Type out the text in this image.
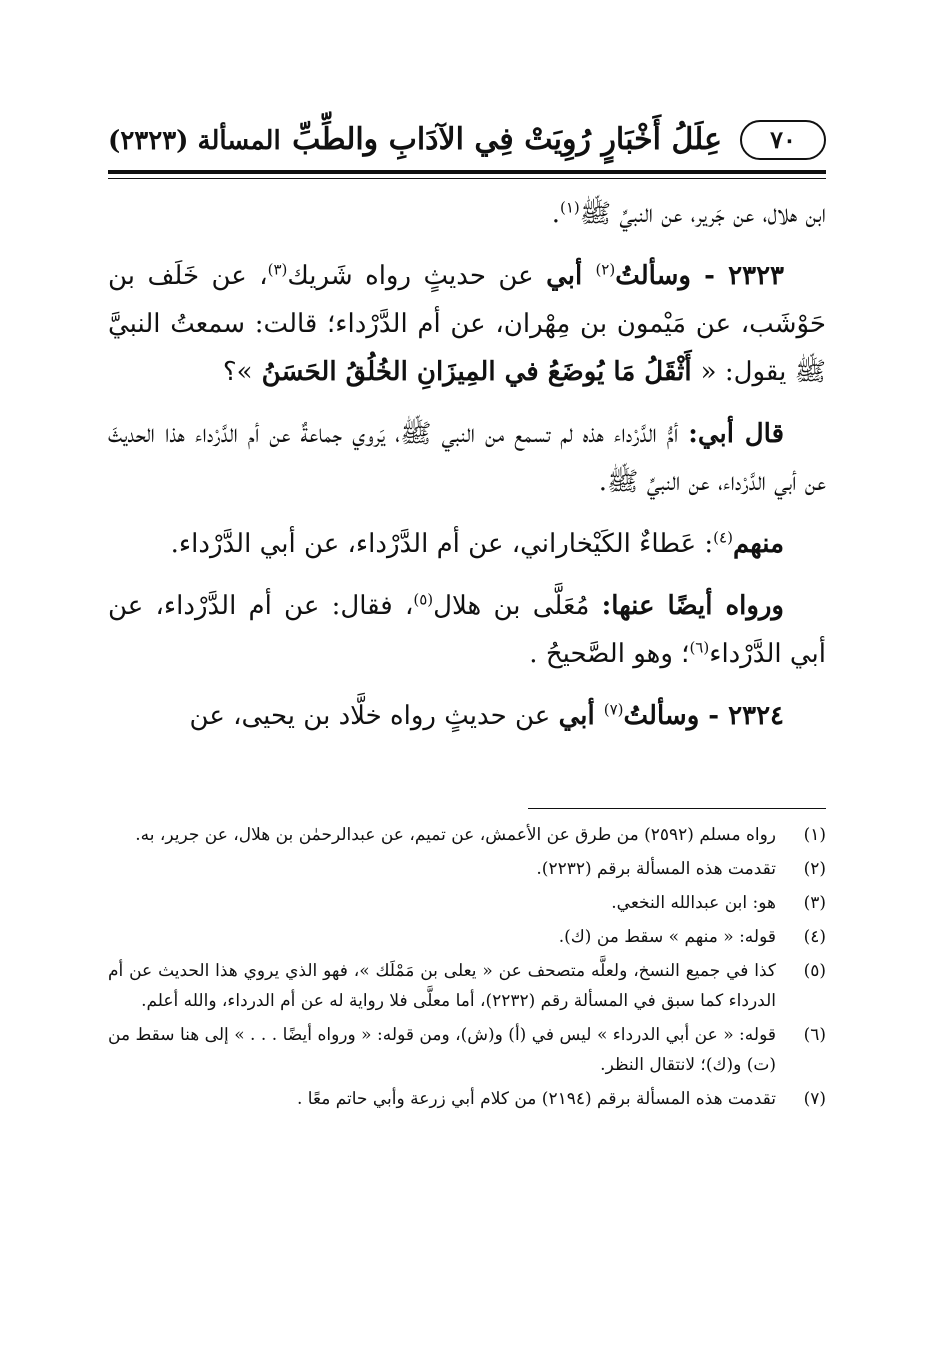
٧٠
عِلَلُ أَخْبَارٍ رُوِيَتْ فِي الآدَابِ والطِّبِّ
المسألة (٢٣٢٣)

ابن هلال، عن جَرير، عن النبيِّ ﷺ$^{(١)}$.

٢٣٢٣ - وسألتُ$^{(٢)}$ أبي عن حديثٍ رواه شَريك$^{(٣)}$، عن خَلَف بن حَوْشَب، عن مَيْمون بن مِهْران، عن أم الدَّرْداء؛ قالت: سمعتُ النبيَّ ﷺ يقول: « أَثْقَلُ مَا يُوضَعُ في المِيزَانِ الخُلُقُ الحَسَنُ »؟

قال أبي: أمُّ الدَّرْداء هذه لم تسمع من النبي ﷺ، يَروي جماعةٌ عن أم الدَّرْداء هذا الحديثَ عن أبي الدَّرْداء، عن النبيِّ ﷺ.

منهم$^{(٤)}$: عَطاءٌ الكَيْخاراني، عن أم الدَّرْداء، عن أبي الدَّرْداء.

ورواه أيضًا عنها: مُعَلَّى بن هلال$^{(٥)}$، فقال: عن أم الدَّرْداء، عن أبي الدَّرْداء$^{(٦)}$؛ وهو الصَّحيحُ .

٢٣٢٤ - وسألتُ$^{(٧)}$ أبي عن حديثٍ رواه خلَّاد بن يحيى، عن

(١)
رواه مسلم (٢٥٩٢) من طرق عن الأعمش، عن تميم، عن عبدالرحمٰن بن هلال، عن جرير، به.
(٢)
تقدمت هذه المسألة برقم (٢٢٣٢).
(٣)
هو: ابن عبدالله النخعي.
(٤)
قوله: « منهم » سقط من (ك).
(٥)
كذا في جميع النسخ، ولعلَّه متصحف عن « يعلى بن مَمْلَك »، فهو الذي يروي هذا الحديث عن أم الدرداء كما سبق في المسألة رقم (٢٢٣٢)، أما معلَّى فلا رواية له عن أم الدرداء، والله أعلم.
(٦)
قوله: « عن أبي الدرداء » ليس في (أ) و(ش)، ومن قوله: « ورواه أيضًا . . . » إلى هنا سقط من (ت) و(ك)؛ لانتقال النظر.
(٧)
تقدمت هذه المسألة برقم (٢١٩٤) من كلام أبي زرعة وأبي حاتم معًا .
